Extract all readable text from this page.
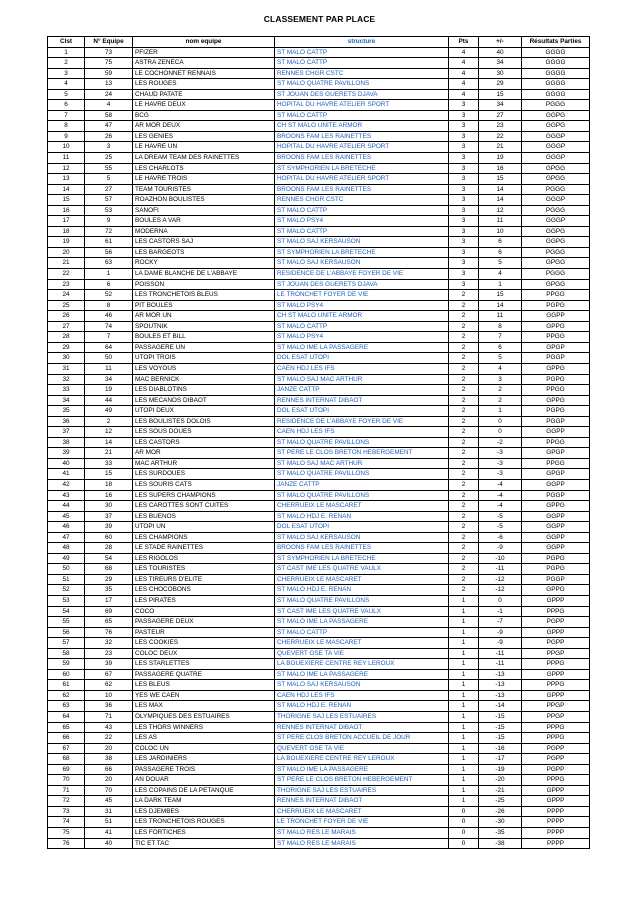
CLASSEMENT PAR PLACE
Clst	N° Equipe	nom equipe	structure	Pts	+/-	Résultats Parties
1	73	PFIZER	ST MALO CATTP	4	40	GGGG
2	75	ASTRA ZENECA	ST MALO CATTP	4	34	GGGG
3	59	LE COCHONNET RENNAIS	RENNES CHGR CSTC	4	30	GGGG
4	13	LES ROUGES	ST MALO QUATRE PAVILLONS	4	29	GGGG
5	24	CHAUD PATATE	ST JOUAN DES GUERETS DJAVA	4	15	GGGG
6	4	LE HAVRE DEUX	HOPITAL DU HAVRE ATELIER SPORT	3	34	PGGG
7	58	BCG	ST MALO CATTP	3	27	GGPG
8	47	AR MOR DEUX	CH ST MALO UNITE ARMOR	3	23	GGPG
9	26	LES GENIES	BROONS FAM LES RAINETTES	3	22	GGGP
10	3	LE HAVRE UN	HOPITAL DU HAVRE ATELIER SPORT	3	21	GGGP
11	25	LA DREAM TEAM DES RAINETTES	BROONS FAM LES RAINETTES	3	19	GGGP
12	55	LES CHARLOTS	ST SYMPHORIEN LA BRETECHE	3	16	GPGG
13	5	LE HAVRE TROIS	HOPITAL DU HAVRE ATELIER SPORT	3	15	GPGG
14	27	TEAM TOURISTES	BROONS FAM LES RAINETTES	3	14	PGGG
15	57	ROAZHON BOULISTES	RENNES CHGR CSTC	3	14	GGGP
16	53	SANOFI	ST MALO CATTP	3	12	PGGG
17	9	BOULES A VAR	ST MALO PSY4	3	11	GGGP
18	72	MODERNA	ST MALO CATTP	3	10	GGPG
19	61	LES CASTORS SAJ	ST MALO SAJ KERSAUSON	3	6	GGPG
20	56	LES BARGEOTS	ST SYMPHORIEN LA BRETECHE	3	6	PGGG
21	63	ROCKY	ST MALO SAJ KERSAUSON	3	5	GPGG
22	1	LA DAME BLANCHE DE L'ABBAYE	RESIDENCE DE L'ABBAYE FOYER DE VIE	3	4	PGGG
23	6	POISSON	ST JOUAN DES GUERETS DJAVA	3	1	GPGG
24	52	LES TRONCHETOIS BLEUS	LE TRONCHET FOYER DE VIE	2	15	PPGG
25	8	PIT BOULES	ST MALO PSY4	2	14	PGPG
26	46	AR MOR UN	CH ST MALO UNITE ARMOR	2	11	GGPP
27	74	SPOUTNIK	ST MALO CATTP	2	8	GPPG
28	7	BOULES ET BILL	ST MALO PSY4	2	7	PPGG
29	64	PASSAGERE UN	ST MALO IME LA PASSAGERE	2	6	GPGP
30	50	UTOPI TROIS	DOL ESAT UTOPI	2	5	PGGP
31	11	LES VOYOUS	CAEN HDJ LES IFS	2	4	GPPG
32	34	MAC BERNICK	ST MALO SAJ MAC ARTHUR	2	3	PGPG
33	19	LES DIABLOTINS	JANZE CATTP	2	2	PPGG
34	44	LES MECANOS DIBAOT	RENNES INTERNAT DIBAOT	2	2	GPPG
35	49	UTOPI DEUX	DOL ESAT UTOPI	2	1	PGPG
36	2	LES BOULISTES DOLOIS	RESIDENCE DE L'ABBAYE FOYER DE VIE	2	0	PGGP
37	12	LES SOUS DOUES	CAEN HDJ LES IFS	2	0	GGPP
38	14	LES CASTORS	ST MALO QUATRE PAVILLONS	2	-2	PPGG
39	21	AR MOR	ST PERE LE CLOS BRETON HEBERGEMENT	2	-3	GPGP
40	33	MAC ARTHUR	ST MALO SAJ MAC ARTHUR	2	-3	PPGG
41	15	LES SURDOUES	ST MALO QUATRE PAVILLONS	2	-3	GPGP
42	18	LES SOURIS CATS	JANZE CATTP	2	-4	GGPP
43	16	LES SUPERS CHAMPIONS	ST MALO QUATRE PAVILLONS	2	-4	PGGP
44	30	LES CAROTTES SONT CUITES	CHERRUEIX LE MASCARET	2	-4	GPPG
45	37	LES BUENOS	ST MALO HDJ E. RENAN	2	-5	GGPP
46	39	UTOPI UN	DOL ESAT UTOPI	2	-5	GGPP
47	60	LES CHAMPIONS	ST MALO SAJ KERSAUSON	2	-6	GGPP
48	28	LE STADE RAINETTES	BROONS FAM LES RAINETTES	2	-9	GGPP
49	54	LES RIGOLOS	ST SYMPHORIEN LA BRETECHE	2	-10	PGPG
50	68	LES TOURISTES	ST CAST IME LES QUATRE VAULX	2	-11	PGPG
51	29	LES TIREURS D'ELITE	CHERRUEIX LE MASCARET	2	-12	PGGP
52	35	LES CHOCOBONS	ST MALO HDJ E. RENAN	2	-12	GPPG
53	17	LES PIRATES	ST MALO QUATRE PAVILLONS	1	0	GPPP
54	69	COCO	ST CAST IME LES QUATRE VAULX	1	-1	PPPG
55	65	PASSAGERE DEUX	ST MALO IME LA PASSAGERE	1	-7	PGPP
56	76	PASTEUR	ST MALO CATTP	1	-9	GPPP
57	32	LES COOKIES	CHERRUEIX LE MASCARET	1	-9	PGPP
58	23	COLOC DEUX	QUEVERT OSE TA VIE	1	-11	PPGP
59	39	LES STARLETTES	LA BOUEXIERE CENTRE REY LEROUX	1	-11	PPPG
60	67	PASSAGERE QUATRE	ST MALO IME LA PASSAGERE	1	-13	GPPP
61	62	LES BLEUS	ST MALO SAJ KERSAUSON	1	-13	PPPG
62	10	YES WE CAEN	CAEN HDJ LES IFS	1	-13	GPPP
63	36	LES MAX	ST MALO HDJ E. RENAN	1	-14	PPGP
64	71	OLYMPIQUES DES ESTUAIRES	THORIGNE SAJ LES ESTUAIRES	1	-15	PPGP
65	43	LES THORS WINNERS	RENNES INTERNAT DIBAOT	1	-15	PPPG
66	22	LES AS	ST PERE CLOS BRETON ACCUEIL DE JOUR	1	-15	PPPG
67	20	COLOC UN	QUEVERT OSE TA VIE	1	-16	PGPP
68	38	LES JARDINIERS	LA BOUEXIERE CENTRE REY LEROUX	1	-17	PGPP
69	66	PASSAGERE TROIS	ST MALO IME LA PASSAGERE	1	-19	PGPP
70	20	AN DOUAR	ST PERE LE CLOS BRETON HEBERGEMENT	1	-20	PPPG
71	70	LES COPAINS DE LA PETANQUE	THORIGNE SAJ LES ESTUAIRES	1	-21	GPPP
72	45	LA DARK TEAM	RENNES INTERNAT DIBAOT	1	-25	GPPP
73	31	LES DJEMBES	CHERRUEIX LE MASCARET	0	-26	PPPP
74	51	LES TRONCHETOIS ROUGES	LE TRONCHET FOYER DE VIE	0	-30	PPPP
75	41	LES FORTICHES	ST MALO RES LE MARAIS	0	-35	PPPP
76	40	TIC ET TAC	ST MALO RES LE MARAIS	0	-38	PPPP
